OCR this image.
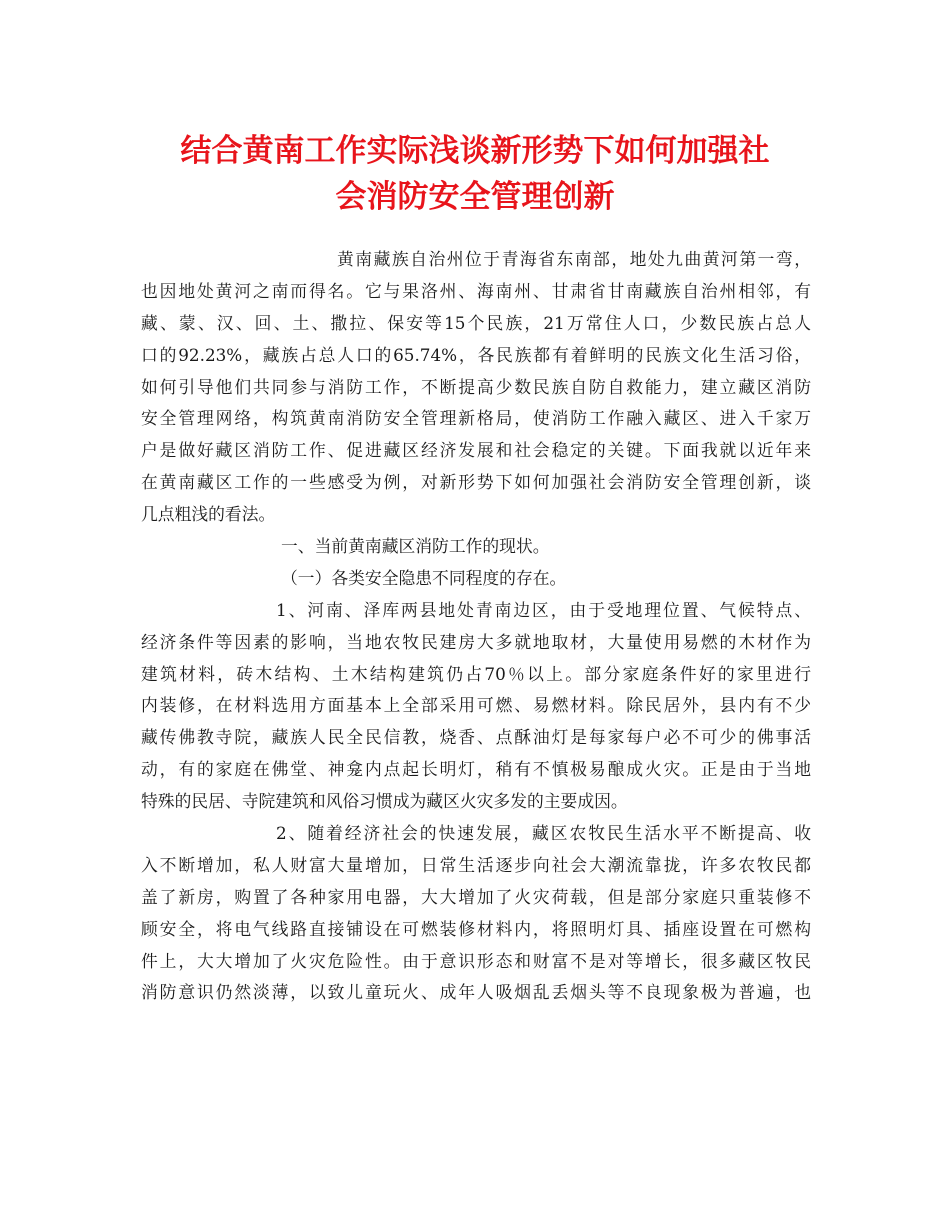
结合黄南工作实际浅谈新形势下如何加强社
会消防安全管理创新
黄南藏族自治州位于青海省东南部，地处九曲黄河第一弯，
也因地处黄河之南而得名。它与果洛州、海南州、甘肃省甘南藏族自治州相邻，有
藏、蒙、汉、回、土、撒拉、保安等15个民族，21万常住人口，少数民族占总人
口的92.23%，藏族占总人口的65.74%，各民族都有着鲜明的民族文化生活习俗，
如何引导他们共同参与消防工作，不断提高少数民族自防自救能力，建立藏区消防
安全管理网络，构筑黄南消防安全管理新格局，使消防工作融入藏区、进入千家万
户是做好藏区消防工作、促进藏区经济发展和社会稳定的关键。下面我就以近年来
在黄南藏区工作的一些感受为例，对新形势下如何加强社会消防安全管理创新，谈
几点粗浅的看法。
一、当前黄南藏区消防工作的现状。
（一）各类安全隐患不同程度的存在。
1、河南、泽库两县地处青南边区，由于受地理位置、气候特点、
经济条件等因素的影响，当地农牧民建房大多就地取材，大量使用易燃的木材作为
建筑材料，砖木结构、土木结构建筑仍占70％以上。部分家庭条件好的家里进行
内装修，在材料选用方面基本上全部采用可燃、易燃材料。除民居外，县内有不少
藏传佛教寺院，藏族人民全民信教，烧香、点酥油灯是每家每户必不可少的佛事活
动，有的家庭在佛堂、神龛内点起长明灯，稍有不慎极易酿成火灾。正是由于当地
特殊的民居、寺院建筑和风俗习惯成为藏区火灾多发的主要成因。
2、随着经济社会的快速发展，藏区农牧民生活水平不断提高、收
入不断增加，私人财富大量增加，日常生活逐步向社会大潮流靠拢，许多农牧民都
盖了新房，购置了各种家用电器，大大增加了火灾荷载，但是部分家庭只重装修不
顾安全，将电气线路直接铺设在可燃装修材料内，将照明灯具、插座设置在可燃构
件上，大大增加了火灾危险性。由于意识形态和财富不是对等增长，很多藏区牧民
消防意识仍然淡薄，以致儿童玩火、成年人吸烟乱丢烟头等不良现象极为普遍，也
